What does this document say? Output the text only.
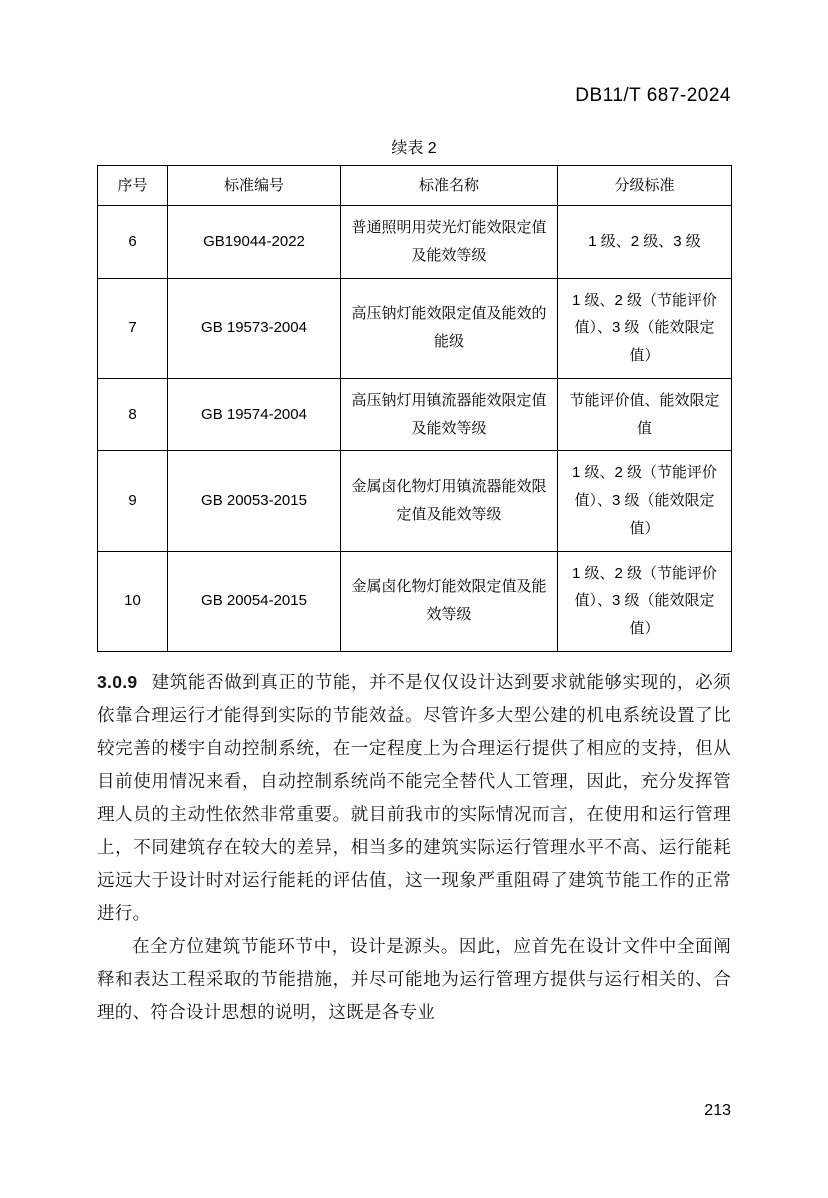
DB11/T 687-2024
续表 2
序号	标准编号	标准名称	分级标准
6	GB19044-2022	普通照明用荧光灯能效限定值及能效等级	1 级、2 级、3 级
7	GB 19573-2004	高压钠灯能效限定值及能效的能级	1 级、2 级（节能评价值）、3 级（能效限定值）
8	GB 19574-2004	高压钠灯用镇流器能效限定值及能效等级	节能评价值、能效限定值
9	GB 20053-2015	金属卤化物灯用镇流器能效限定值及能效等级	1 级、2 级（节能评价值）、3 级（能效限定值）
10	GB 20054-2015	金属卤化物灯能效限定值及能效等级	1 级、2 级（节能评价值）、3 级（能效限定值）

3.0.9 建筑能否做到真正的节能，并不是仅仅设计达到要求就能够实现的，必须依靠合理运行才能得到实际的节能效益。尽管许多大型公建的机电系统设置了比较完善的楼宇自动控制系统，在一定程度上为合理运行提供了相应的支持，但从目前使用情况来看，自动控制系统尚不能完全替代人工管理，因此，充分发挥管理人员的主动性依然非常重要。就目前我市的实际情况而言，在使用和运行管理上，不同建筑存在较大的差异，相当多的建筑实际运行管理水平不高、运行能耗远远大于设计时对运行能耗的评估值，这一现象严重阻碍了建筑节能工作的正常进行。

在全方位建筑节能环节中，设计是源头。因此，应首先在设计文件中全面阐释和表达工程采取的节能措施，并尽可能地为运行管理方提供与运行相关的、合理的、符合设计思想的说明，这既是各专业

213
